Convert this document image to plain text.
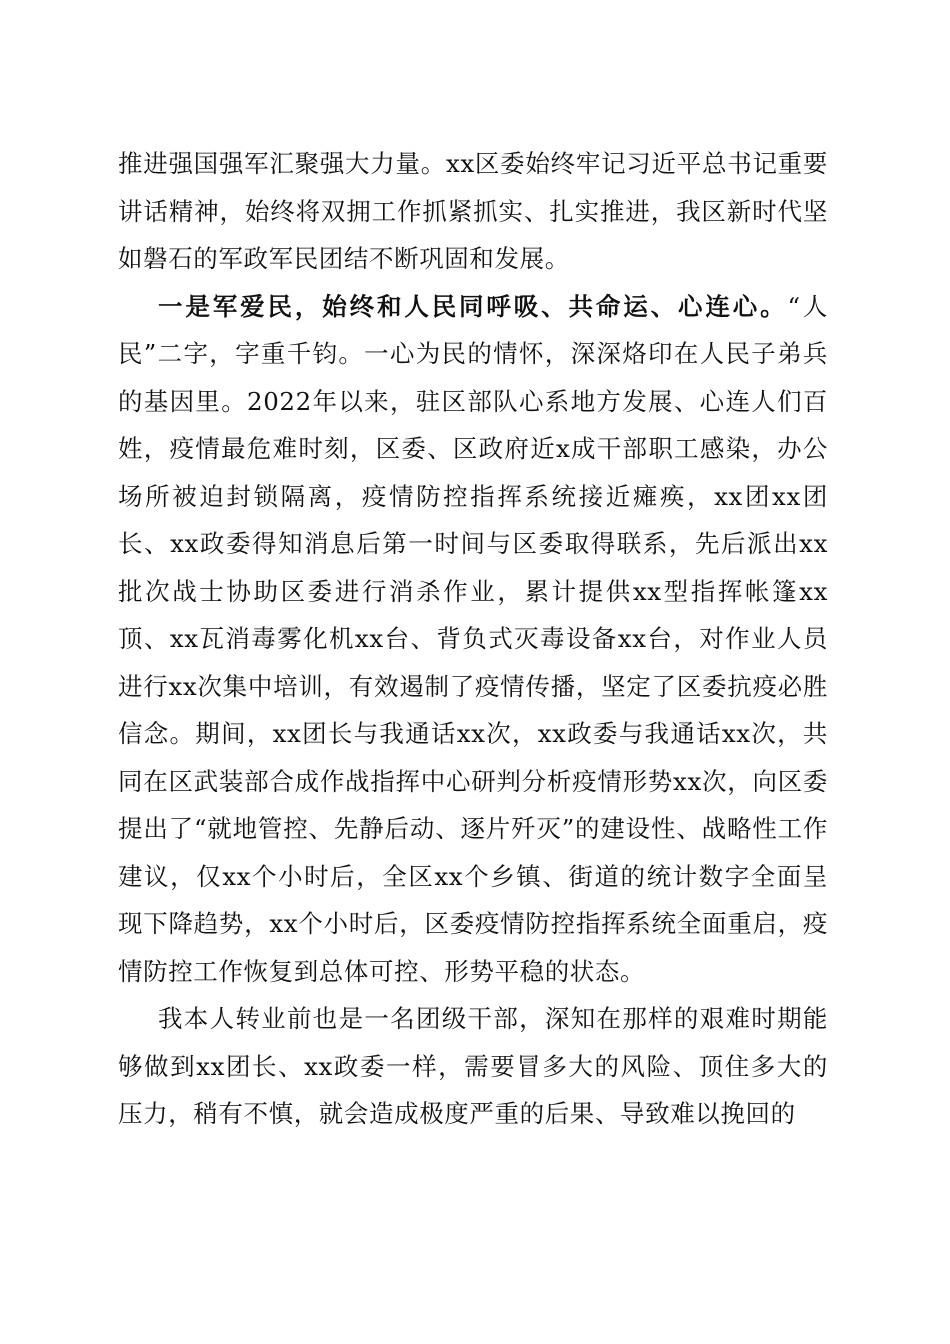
推进强国强军汇聚强大力量。xx区委始终牢记习近平总书记重要讲话精神，始终将双拥工作抓紧抓实、扎实推进，我区新时代坚如磐石的军政军民团结不断巩固和发展。

一是军爱民，始终和人民同呼吸、共命运、心连心。“人民”二字，字重千钧。一心为民的情怀，深深烙印在人民子弟兵的基因里。2022年以来，驻区部队心系地方发展、心连人们百姓，疫情最危难时刻，区委、区政府近x成干部职工感染，办公场所被迫封锁隔离，疫情防控指挥系统接近瘫痪，xx团xx团长、xx政委得知消息后第一时间与区委取得联系，先后派出xx批次战士协助区委进行消杀作业，累计提供xx型指挥帐篷xx顶、xx瓦消毒雾化机xx台、背负式灭毒设备xx台，对作业人员进行xx次集中培训，有效遏制了疫情传播，坚定了区委抗疫必胜信念。期间，xx团长与我通话xx次，xx政委与我通话xx次，共同在区武装部合成作战指挥中心研判分析疫情形势xx次，向区委提出了“就地管控、先静后动、逐片歼灭”的建设性、战略性工作建议，仅xx个小时后，全区xx个乡镇、街道的统计数字全面呈现下降趋势，xx个小时后，区委疫情防控指挥系统全面重启，疫情防控工作恢复到总体可控、形势平稳的状态。

我本人转业前也是一名团级干部，深知在那样的艰难时期能够做到xx团长、xx政委一样，需要冒多大的风险、顶住多大的压力，稍有不慎，就会造成极度严重的后果、导致难以挽回的
